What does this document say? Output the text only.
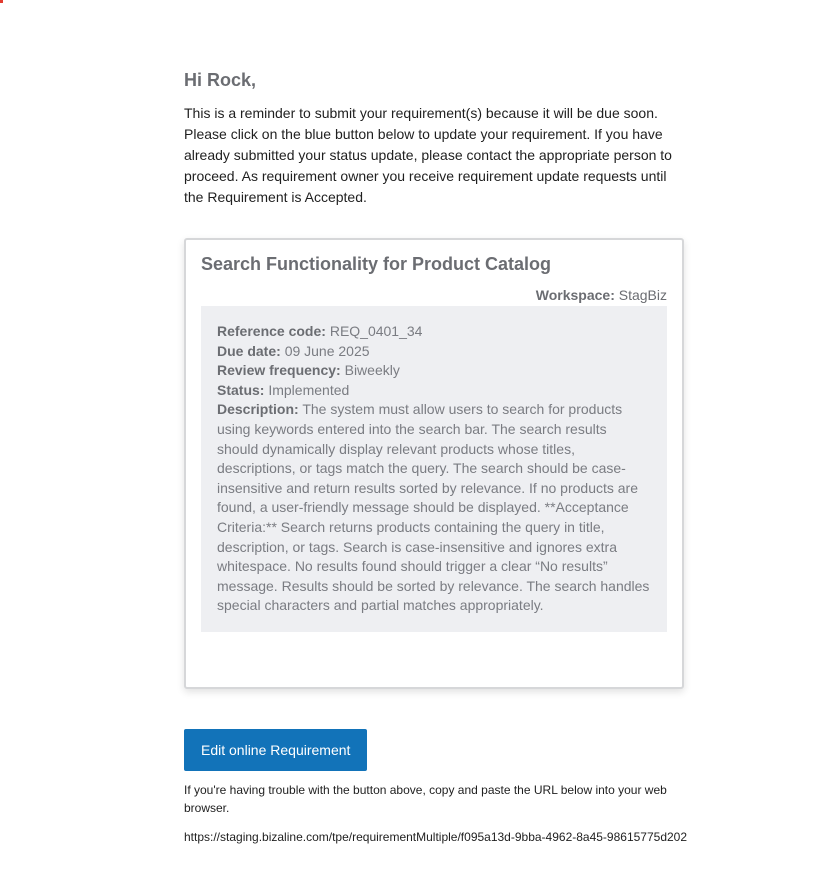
Hi Rock,

This is a reminder to submit your requirement(s) because it will be due soon. Please click on the blue button below to update your requirement. If you have already submitted your status update, please contact the appropriate person to proceed. As requirement owner you receive requirement update requests until the Requirement is Accepted.

Search Functionality for Product Catalog
Workspace: StagBiz
Reference code: REQ_0401_34
Due date: 09 June 2025
Review frequency: Biweekly
Status: Implemented
Description: The system must allow users to search for products using keywords entered into the search bar. The search results should dynamically display relevant products whose titles, descriptions, or tags match the query. The search should be case-insensitive and return results sorted by relevance. If no products are found, a user-friendly message should be displayed. **Acceptance Criteria:** Search returns products containing the query in title, description, or tags. Search is case-insensitive and ignores extra whitespace. No results found should trigger a clear “No results” message. Results should be sorted by relevance. The search handles special characters and partial matches appropriately.
Edit online Requirement

If you're having trouble with the button above, copy and paste the URL below into your web browser.

https://staging.bizaline.com/tpe/requirementMultiple/f095a13d-9bba-4962-8a45-98615775d202
